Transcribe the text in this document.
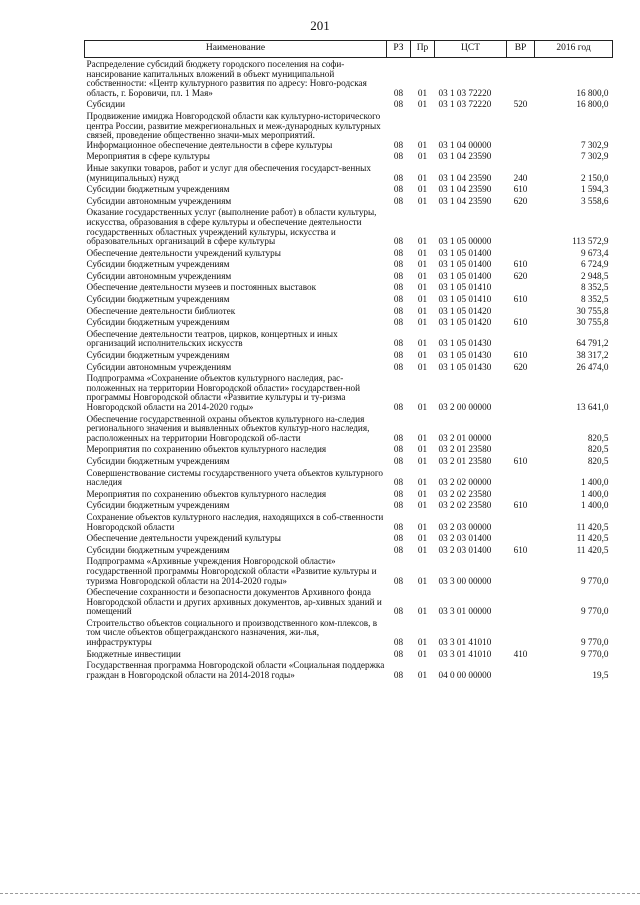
201
Наименование	РЗ	Пр	ЦСТ	ВР	2016 год
Распределение субсидий бюджету городского поселения на софи-нансирование капитальных вложений в объект муниципальной собственности: «Центр культурного развития по адресу: Новго-родская область, г. Боровичи, пл. 1 Мая»	08	01	03 1 03 72220		16 800,0
Субсидии	08	01	03 1 03 72220	520	16 800,0
Продвижение имиджа Новгородской области как культурно-исторического центра России, развитие межрегиональных и меж-дународных культурных связей, проведение общественно значи-мых мероприятий. Информационное обеспечение деятельности в сфере культуры	08	01	03 1 04 00000		7 302,9
Мероприятия в сфере культуры	08	01	03 1 04 23590		7 302,9
Иные закупки товаров, работ и услуг для обеспечения государст-венных (муниципальных) нужд	08	01	03 1 04 23590	240	2 150,0
Субсидии бюджетным учреждениям	08	01	03 1 04 23590	610	1 594,3
Субсидии автономным учреждениям	08	01	03 1 04 23590	620	3 558,6
Оказание государственных услуг (выполнение работ) в области культуры, искусства, образования в сфере культуры и обеспечение деятельности государственных областных учреждений культуры, искусства и образовательных организаций в сфере культуры	08	01	03 1 05 00000		113 572,9
Обеспечение деятельности учреждений культуры	08	01	03 1 05 01400		9 673,4
Субсидии бюджетным учреждениям	08	01	03 1 05 01400	610	6 724,9
Субсидии автономным учреждениям	08	01	03 1 05 01400	620	2 948,5
Обеспечение деятельности музеев и постоянных выставок	08	01	03 1 05 01410		8 352,5
Субсидии бюджетным учреждениям	08	01	03 1 05 01410	610	8 352,5
Обеспечение деятельности библиотек	08	01	03 1 05 01420		30 755,8
Субсидии бюджетным учреждениям	08	01	03 1 05 01420	610	30 755,8
Обеспечение деятельности театров, цирков, концертных и иных организаций исполнительских искусств	08	01	03 1 05 01430		64 791,2
Субсидии бюджетным учреждениям	08	01	03 1 05 01430	610	38 317,2
Субсидии автономным учреждениям	08	01	03 1 05 01430	620	26 474,0
Подпрограмма «Сохранение объектов культурного наследия, рас-положенных на территории Новгородской области» государствен-ной программы Новгородской области «Развитие культуры и ту-ризма Новгородской области на 2014-2020 годы»	08	01	03 2 00 00000		13 641,0
Обеспечение государственной охраны объектов культурного на-следия регионального значения и выявленных объектов культур-ного наследия, расположенных на территории Новгородской об-ласти	08	01	03 2 01 00000		820,5
Мероприятия по сохранению объектов культурного наследия	08	01	03 2 01 23580		820,5
Субсидии бюджетным учреждениям	08	01	03 2 01 23580	610	820,5
Совершенствование системы государственного учета объектов культурного наследия	08	01	03 2 02 00000		1 400,0
Мероприятия по сохранению объектов культурного наследия	08	01	03 2 02 23580		1 400,0
Субсидии бюджетным учреждениям	08	01	03 2 02 23580	610	1 400,0
Сохранение объектов культурного наследия, находящихся в соб-ственности Новгородской области	08	01	03 2 03 00000		11 420,5
Обеспечение деятельности учреждений культуры	08	01	03 2 03 01400		11 420,5
Субсидии бюджетным учреждениям	08	01	03 2 03 01400	610	11 420,5
Подпрограмма «Архивные учреждения Новгородской области» государственной программы Новгородской области «Развитие культуры и туризма Новгородской области на 2014-2020 годы»	08	01	03 3 00 00000		9 770,0
Обеспечение сохранности и безопасности документов Архивного фонда Новгородской области и других архивных документов, ар-хивных зданий и помещений	08	01	03 3 01 00000		9 770,0
Строительство объектов социального и производственного ком-плексов, в том числе объектов общегражданского назначения, жи-лья, инфраструктуры	08	01	03 3 01 41010		9 770,0
Бюджетные инвестиции	08	01	03 3 01 41010	410	9 770,0
Государственная программа Новгородской области «Социальная поддержка граждан в Новгородской области на 2014-2018 годы»	08	01	04 0 00 00000		19,5
